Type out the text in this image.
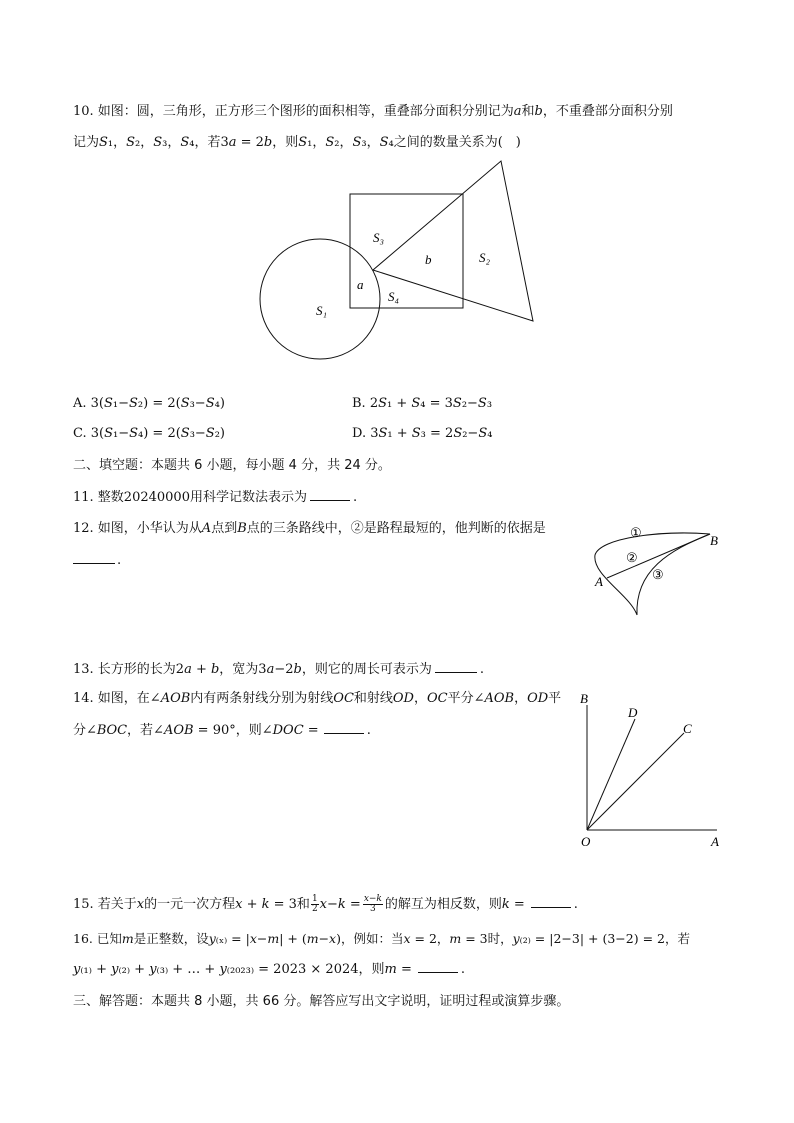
10. 如图：圆，三角形，正方形三个图形的面积相等，重叠部分面积分别记为𝑎和𝑏，不重叠部分面积分别
记为𝑆₁，𝑆₂，𝑆₃，𝑆₄，若3𝑎 = 2𝑏，则𝑆₁，𝑆₂，𝑆₃，𝑆₄之间的数量关系为(　)
S₃
b	S₂
a
S₄
S₁
A. 3(𝑆₁−𝑆₂) = 2(𝑆₃−𝑆₄)	B. 2𝑆₁ + 𝑆₄ = 3𝑆₂−𝑆₃
C. 3(𝑆₁−𝑆₄) = 2(𝑆₃−𝑆₂)	D. 3𝑆₁ + 𝑆₃ = 2𝑆₂−𝑆₄
二、填空题：本题共 6 小题，每小题 4 分，共 24 分。
11. 整数20240000用科学记数法表示为	.
12. 如图，小华认为从𝐴点到𝐵点的三条路线中，②是路程最短的，他判断的依据是
.
①
②
③
A
B
13. 长方形的长为2𝑎 + 𝑏，宽为3𝑎−2𝑏，则它的周长可表示为	.
14. 如图，在∠𝐴𝑂𝐵内有两条射线分别为射线𝑂𝐶和射线𝑂𝐷，𝑂𝐶平分∠𝐴𝑂𝐵，𝑂𝐷平
分∠𝐵𝑂𝐶，若∠𝐴𝑂𝐵 = 90°，则∠𝐷𝑂𝐶 =	.
B
D
C
O	A
15. 若关于𝑥的一元一次方程𝑥 + 𝑘 = 3和 $\frac{1}{2}$ 𝑥−𝑘 = 𝑥−𝑘
3 的解互为相反数，则𝑘 =	.
16. 已知𝑚是正整数，设𝑦₍ₓ₎ = |𝑥−𝑚| + (𝑚−𝑥)，例如：当𝑥 = 2，𝑚 = 3时，𝑦₍₂₎ = |2−3| + (3−2) = 2，若
𝑦₍₁₎ + 𝑦₍₂₎ + 𝑦₍₃₎ + … + 𝑦₍₂₀₂₃₎ = 2023 × 2024，则𝑚 =	.
三、解答题：本题共 8 小题，共 66 分。解答应写出文字说明，证明过程或演算步骤。
